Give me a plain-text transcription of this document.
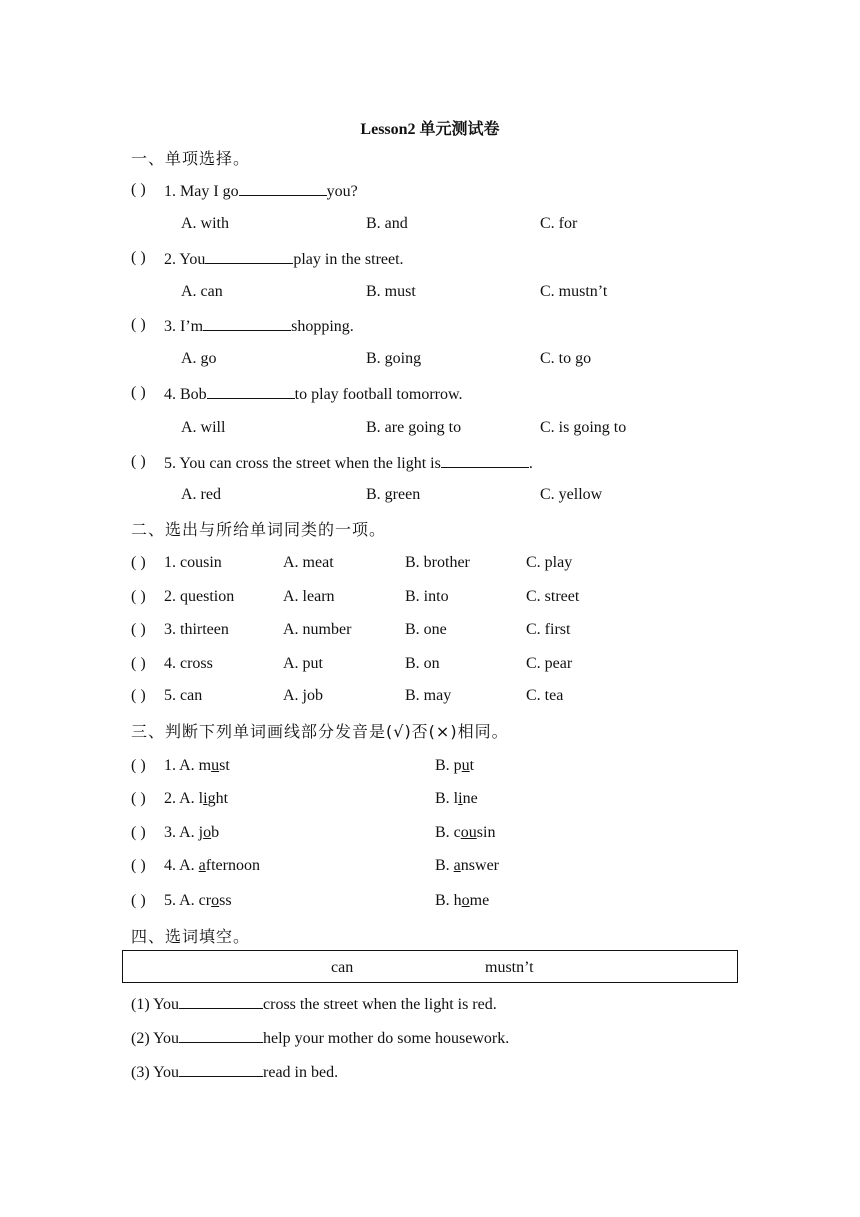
Lesson2 单元测试卷
一、单项选择。
( ) 1. May I go	you?
A. with	B. and	C. for
( ) 2. You	play in the street.
A. can	B. must	C. mustn’t
( ) 3. I’m	shopping.
A. go	B. going	C. to go
( ) 4. Bob	to play football tomorrow.
A. will	B. are going to	C. is going to
( ) 5. You can cross the street when the light is	.
A. red	B. green	C. yellow
二、选出与所给单词同类的一项。
( ) 1. cousin	A. meat	B. brother	C. play
( ) 2. question	A. learn	B. into	C. street
( ) 3. thirteen	A. number	B. one	C. first
( ) 4. cross	A. put	B. on	C. pear
( ) 5. can	A. job	B. may	C. tea
三、判断下列单词画线部分发音是(√)否(×)相同。
( ) 1. A. must	B. put
( ) 2. A. light	B. line
( ) 3. A. job	B. cousin
( ) 4. A. afternoon	B. answer
( ) 5. A. cross	B. home
四、选词填空。
can	mustn’t
(1) You	cross the street when the light is red.
(2) You	help your mother do some housework.
(3) You	read in bed.
